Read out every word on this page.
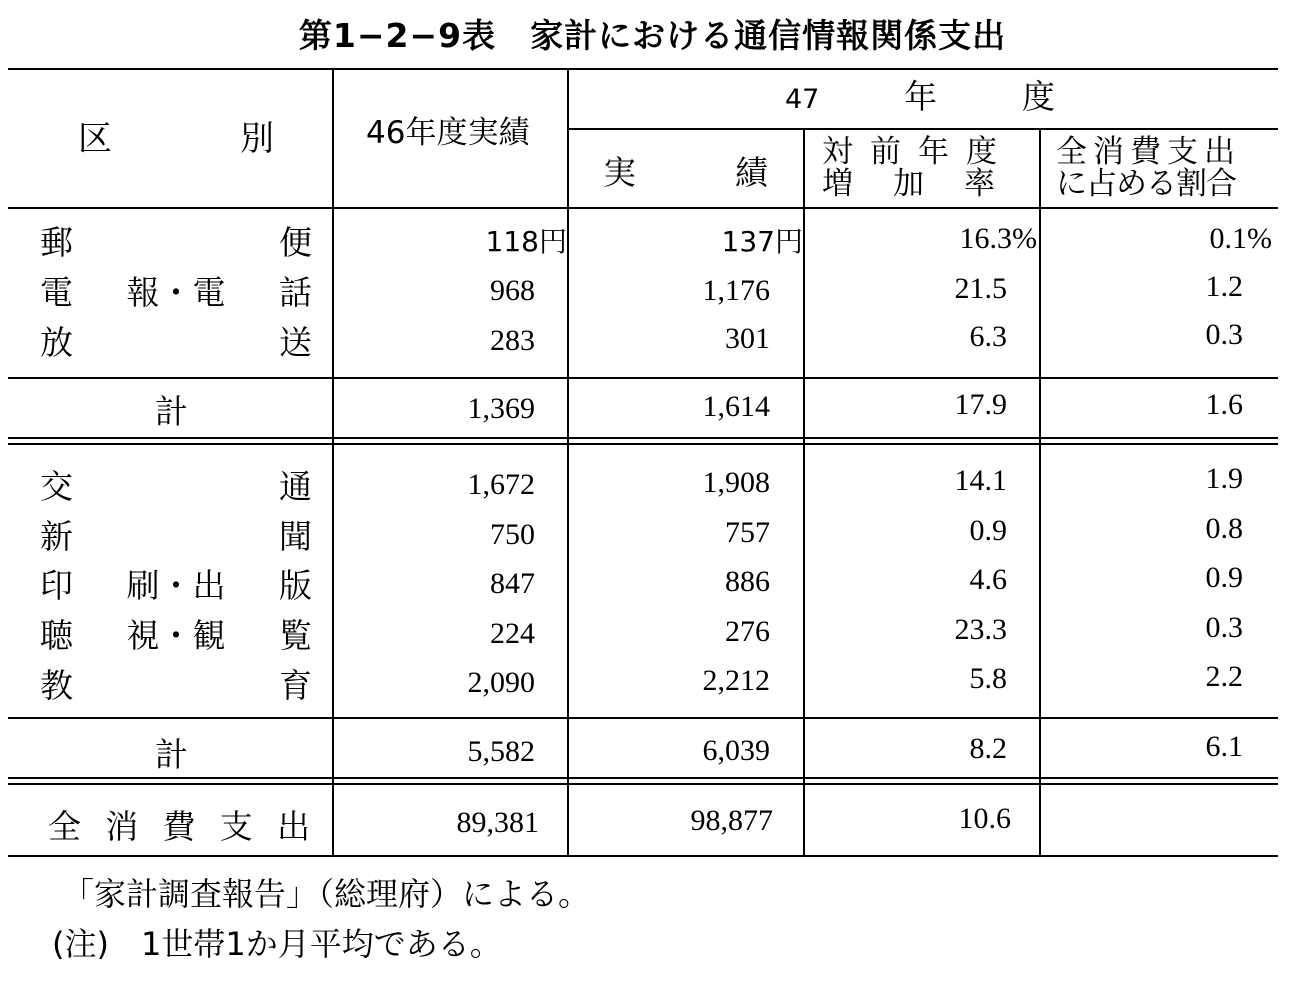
第1−2−9表　家計における通信情報関係支出
区	別	46年度実績
47	年	度
実	績
対前年度
増加率
全消費支出
に占める割合
郵	便	118円	137円	16.3%	0.1%
電 報・電 話	968	1,176	21.5	1.2
放	送	283	301	6.3	0.3
計	1,369	1,614	17.9	1.6
交	通	1,672	1,908	14.1	1.9
新	聞	750	757	0.9	0.8
印 刷・出 版	847	886	4.6	0.9
聴 視・観 覧	224	276	23.3	0.3
教	育	2,090	2,212	5.8	2.2
計	5,582	6,039	8.2	6.1
全 消 費 支 出	89,381	98,877	10.6
「家計調査報告」（総理府）による。
(注)　1世帯1か月平均である。
